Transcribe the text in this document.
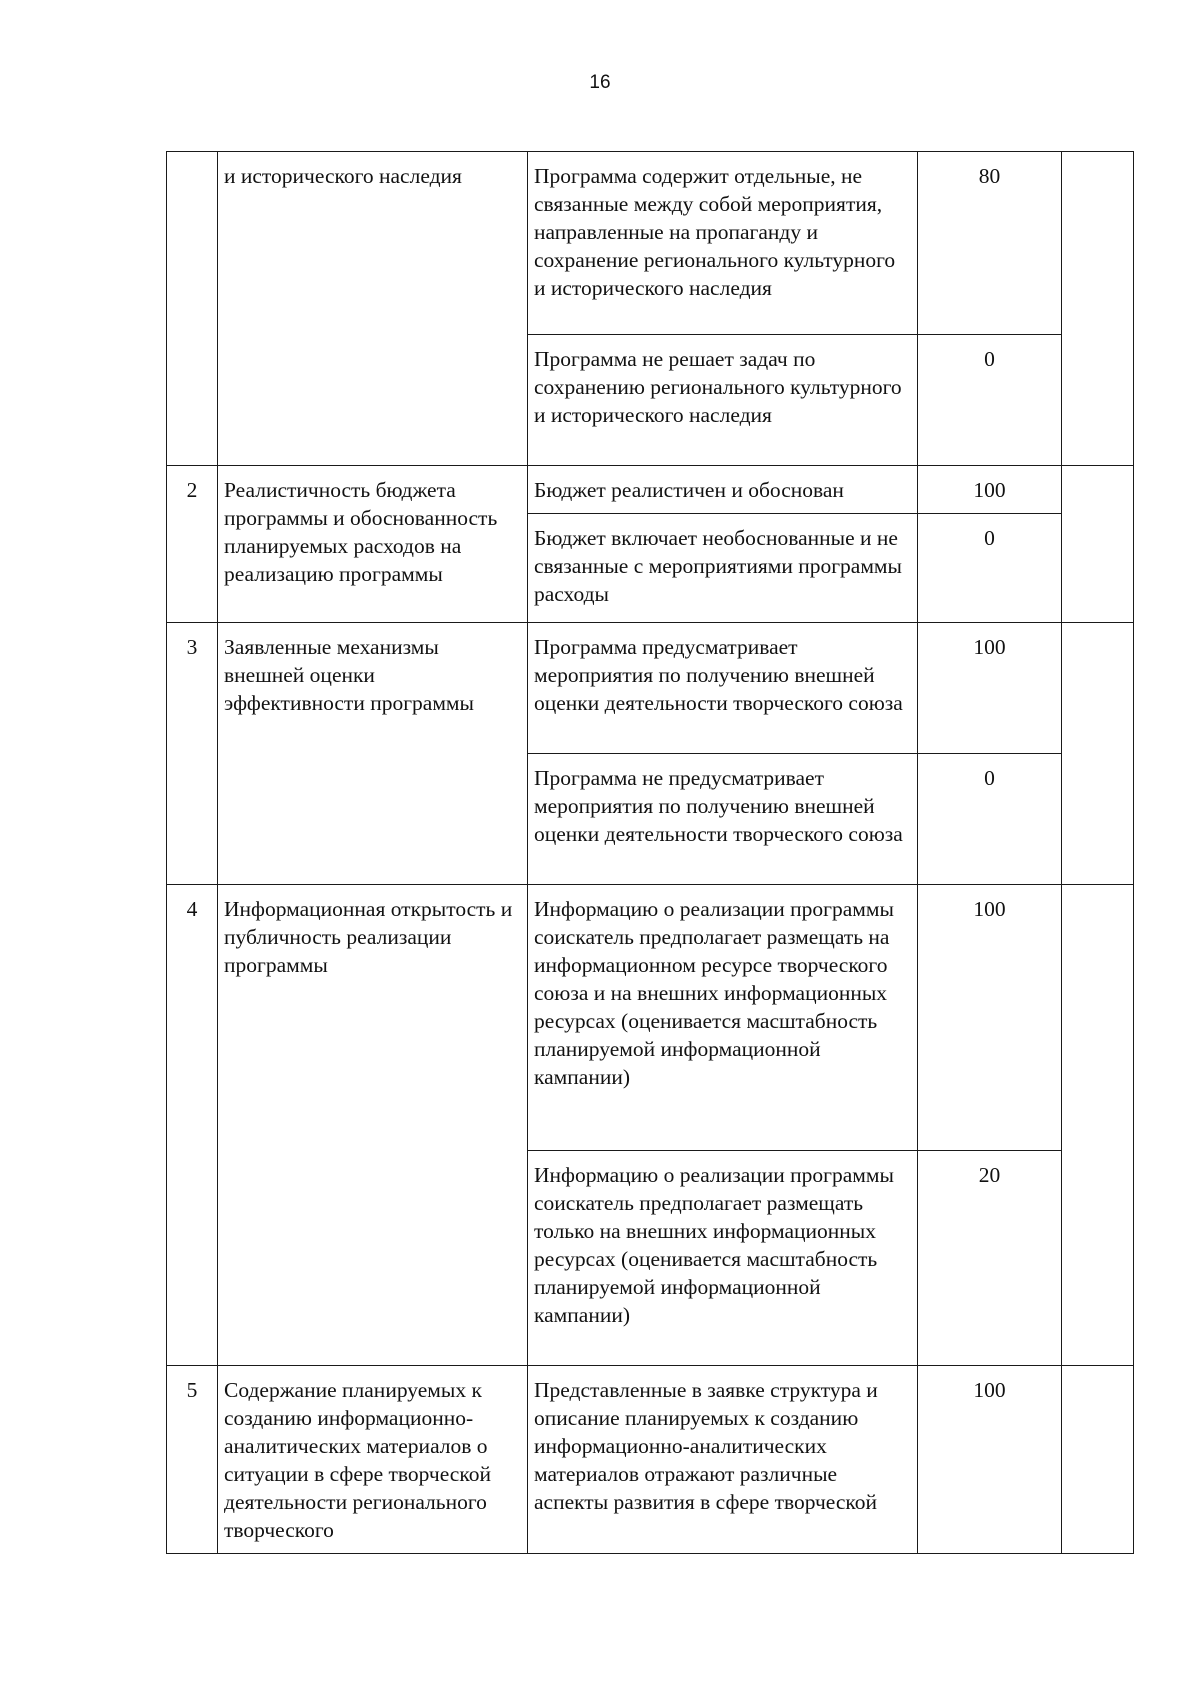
16
	и исторического наследия	Программа содержит отдельные, не связанные между собой мероприятия, направленные на пропаганду и сохранение регионального культурного и исторического наследия	80	
		Программа не решает задач по сохранению регионального культурного и исторического наследия	0	
2	Реалистичность бюджета программы и обоснованность планируемых расходов на реализацию программы	Бюджет реалистичен и обоснован	100	
		Бюджет включает необоснованные и не связанные с мероприятиями программы расходы	0	
3	Заявленные механизмы внешней оценки эффективности программы	Программа предусматривает мероприятия по получению внешней оценки деятельности творческого союза	100	
		Программа не предусматривает мероприятия по получению внешней оценки деятельности творческого союза	0	
4	Информационная открытость и публичность реализации программы	Информацию о реализации программы соискатель предполагает размещать на информационном ресурсе творческого союза и на внешних информационных ресурсах (оценивается масштабность планируемой информационной кампании)	100	
		Информацию о реализации программы соискатель предполагает размещать только на внешних информационных ресурсах (оценивается масштабность планируемой информационной кампании)	20	
5	Содержание планируемых к созданию информационно-аналитических материалов о ситуации в сфере творческой деятельности регионального творческого	Представленные в заявке структура и описание планируемых к созданию информационно-аналитических материалов отражают различные аспекты развития в сфере творческой	100	
